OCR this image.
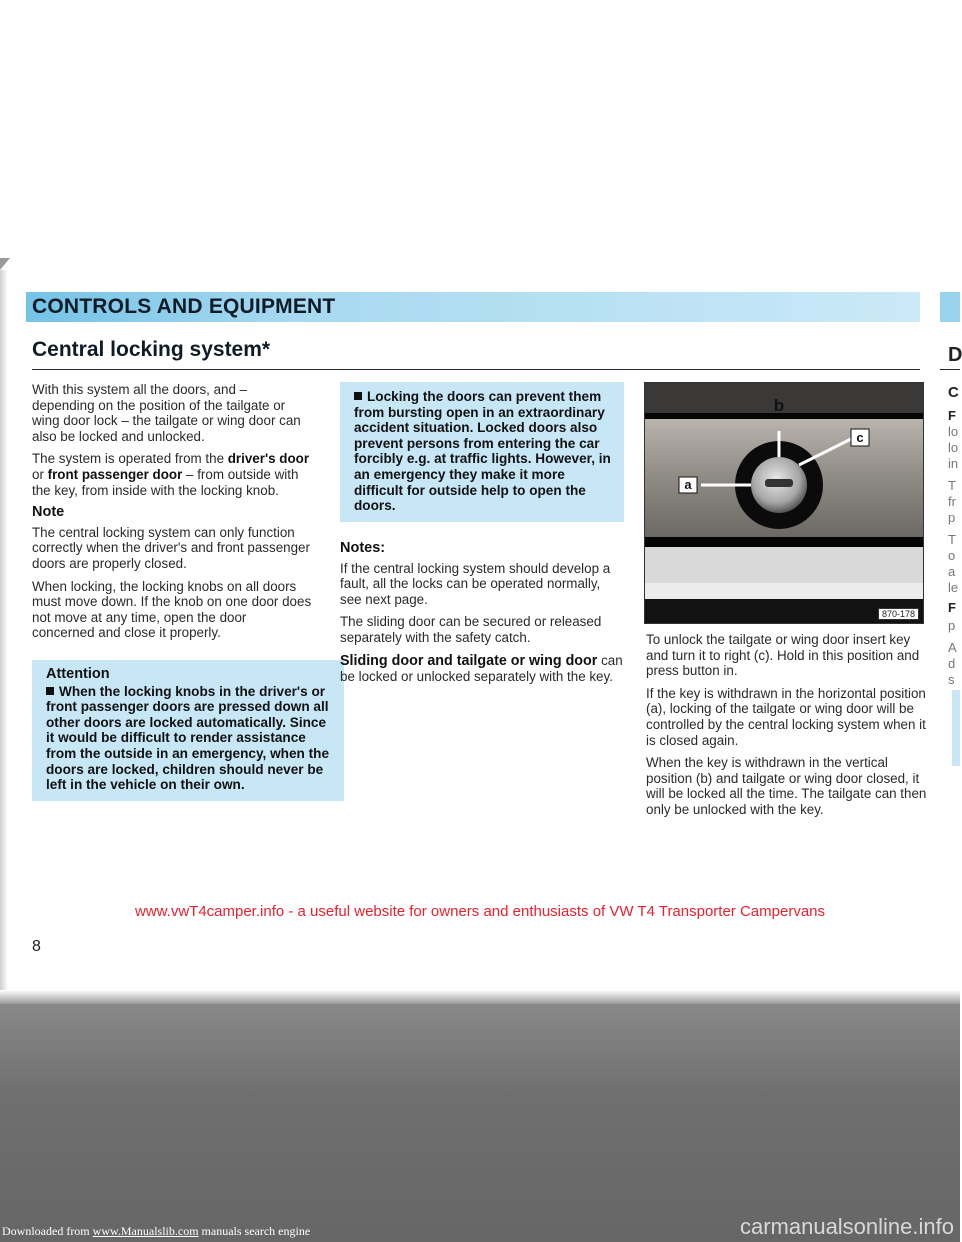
CONTROLS AND EQUIPMENT
Central locking system*

With this system all the doors, and – depending on the position of the tailgate or wing door lock – the tailgate or wing door can also be locked and unlocked.

The system is operated from the driver's door or front passenger door – from outside with the key, from inside with the locking knob.

Note

The central locking system can only function correctly when the driver's and front passenger doors are properly closed.

When locking, the locking knobs on all doors must move down. If the knob on one door does not move at any time, open the door concerned and close it properly.

Attention
When the locking knobs in the driver's or front passenger doors are pressed down all other doors are locked automatically. Since it would be difficult to render assistance from the outside in an emergency, when the doors are locked, children should never be left in the vehicle on their own.
Locking the doors can prevent them from bursting open in an extraordinary accident situation. Locked doors also prevent persons from entering the car forcibly e.g. at traffic lights. However, in an emergency they make it more difficult for outside help to open the doors.
Notes:

If the central locking system should develop a fault, all the locks can be operated normally, see next page.

The sliding door can be secured or released separately with the safety catch.

Sliding door and tailgate or wing door can be locked or unlocked separately with the key.

a
c
b
870-178

To unlock the tailgate or wing door insert key and turn it to right (c). Hold in this position and press button in.

If the key is withdrawn in the horizontal position (a), locking of the tailgate or wing door will be controlled by the central locking system when it is closed again.

When the key is withdrawn in the vertical position (b) and tailgate or wing door closed, it will be locked all the time. The tailgate can then only be unlocked with the key.

D
C
F
lo
lo
in
T
fr
p
T
o
a
le
F
p
A
d
s
www.vwT4camper.info - a useful website for owners and enthusiasts of VW T4 Transporter Campervans
8
Downloaded from www.Manualslib.com manuals search engine	carmanualsonline.info
